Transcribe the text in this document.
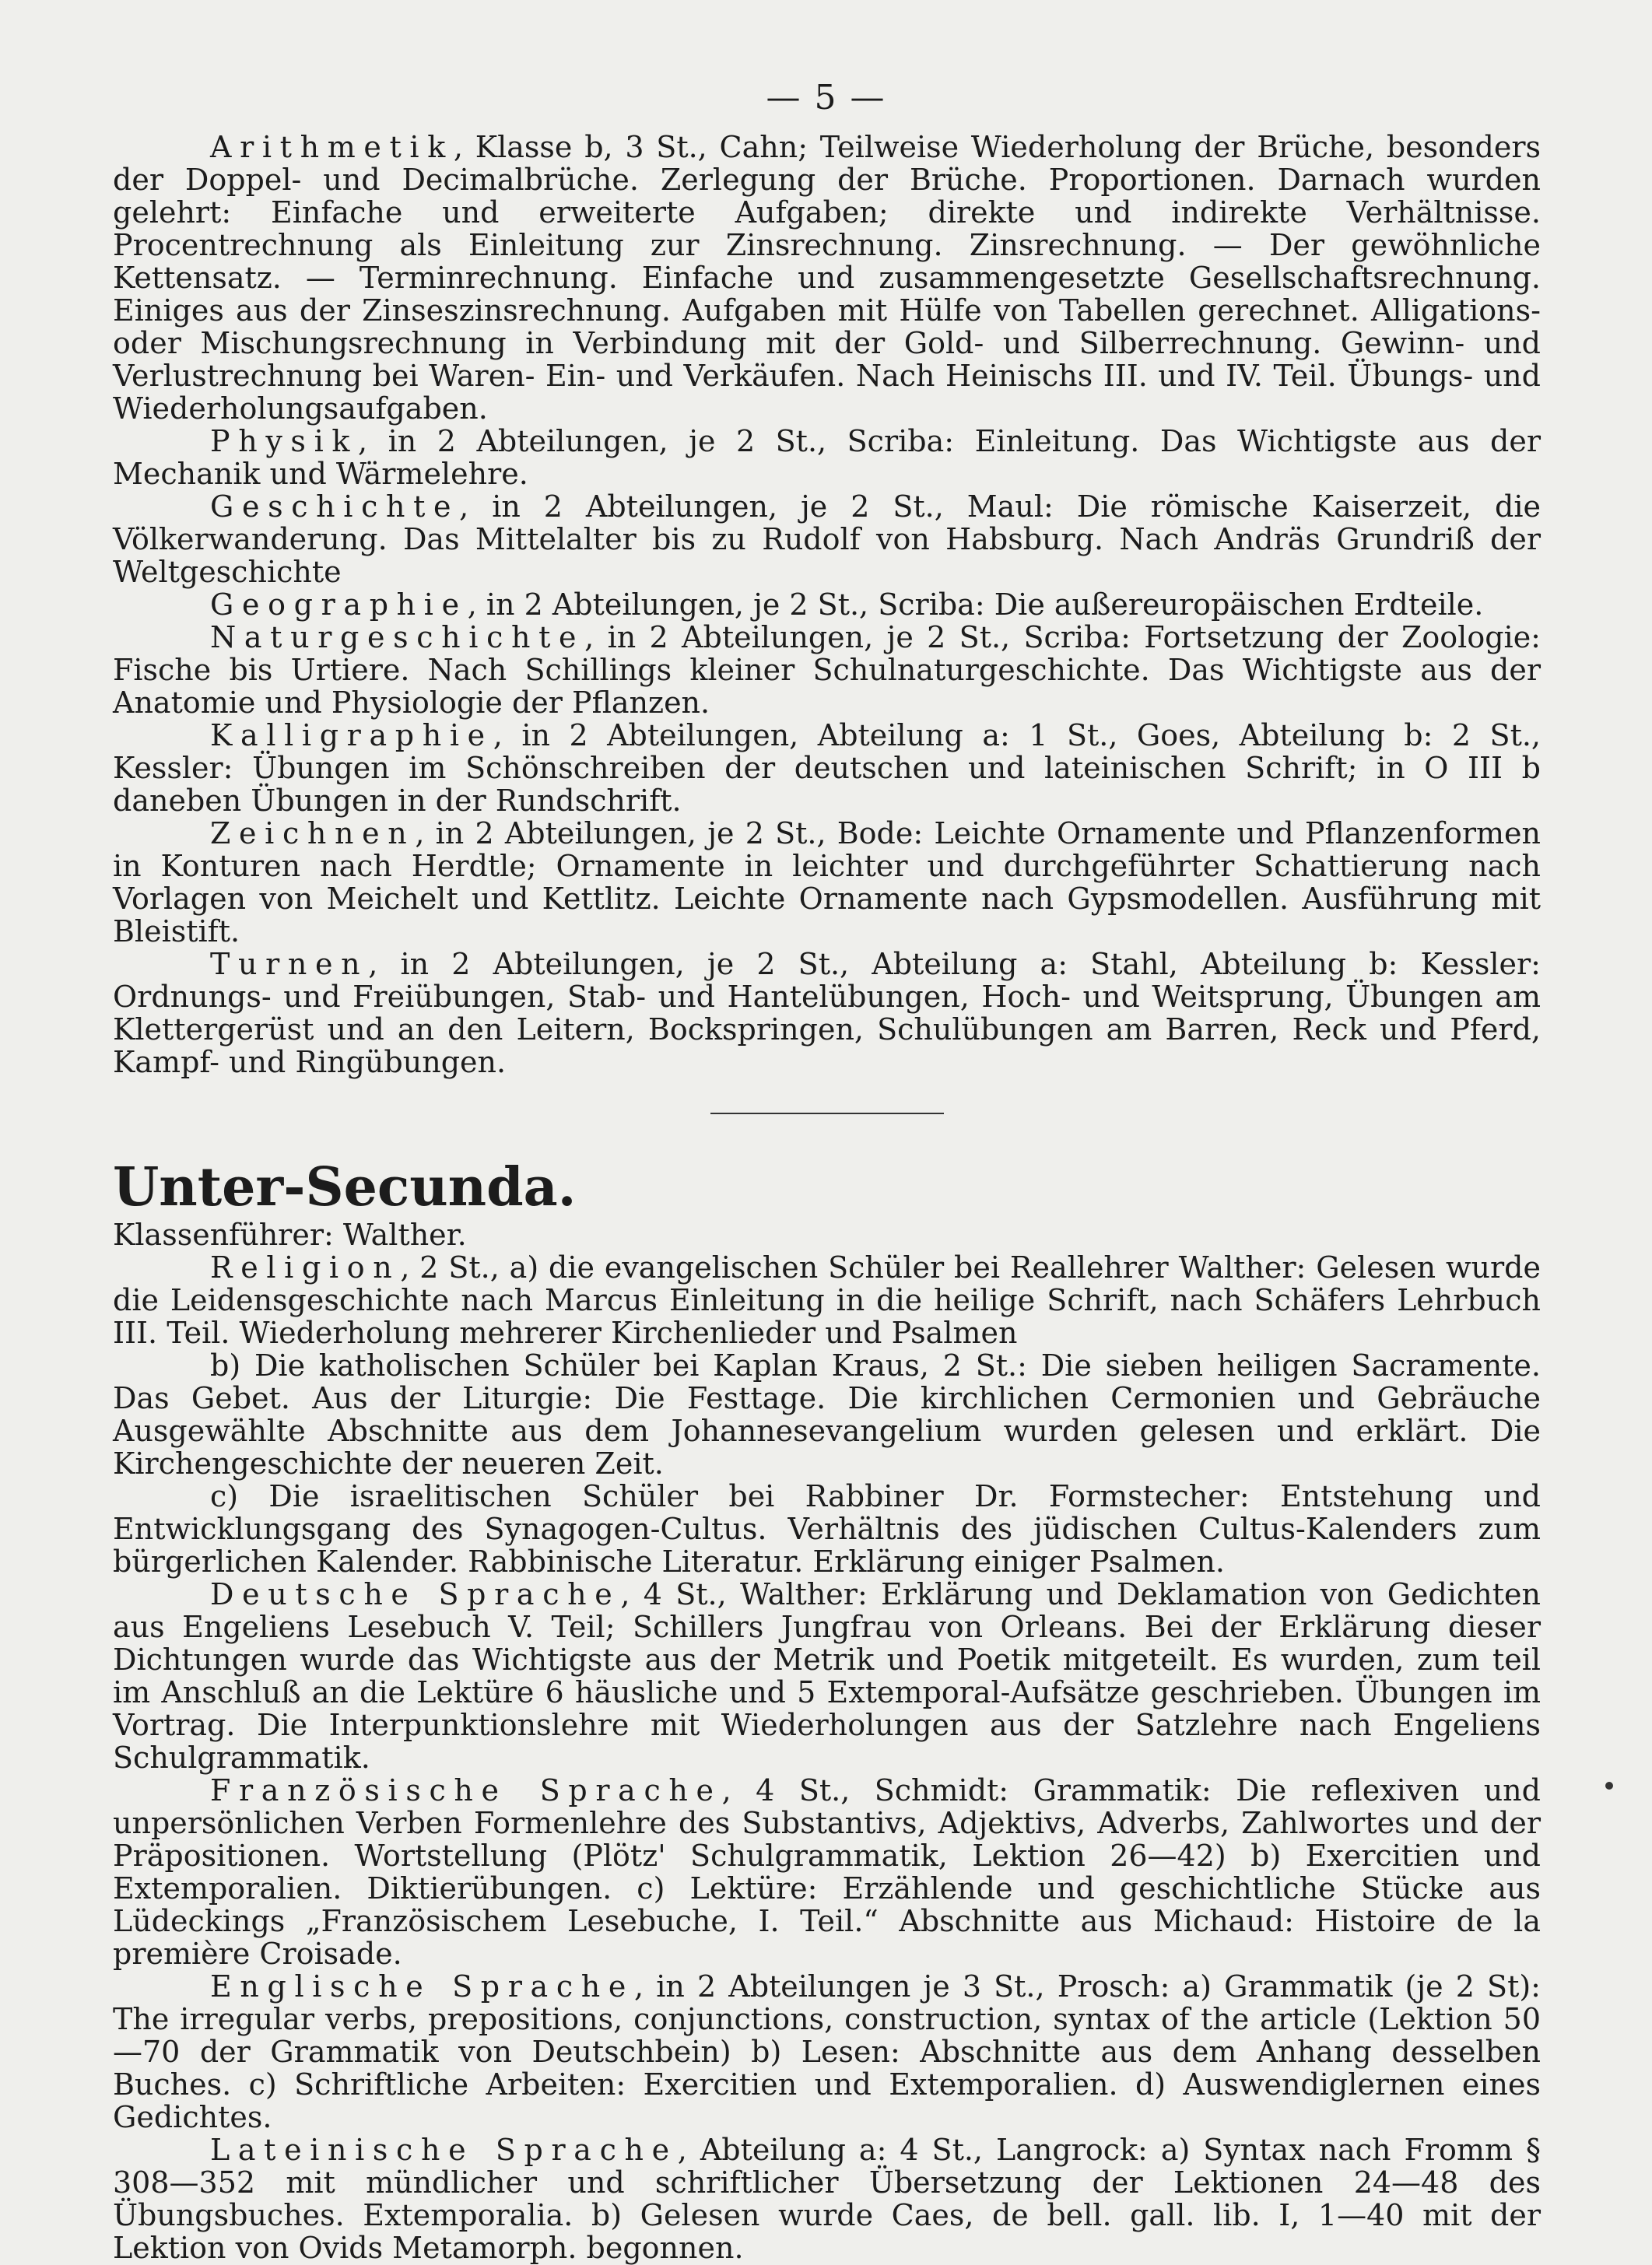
— 5 —

Arithmetik, Klasse b, 3 St., Cahn; Teilweise Wiederholung der Brüche, besonders der Doppel- und Decimalbrüche. Zerlegung der Brüche. Proportionen. Darnach wurden gelehrt: Einfache und erweiterte Aufgaben; direkte und indirekte Verhältnisse. Procentrechnung als Einleitung zur Zinsrechnung. Zinsrechnung. — Der gewöhnliche Kettensatz. — Terminrechnung. Einfache und zusammengesetzte Gesellschaftsrechnung. Einiges aus der Zinseszinsrechnung. Aufgaben mit Hülfe von Tabellen gerechnet. Alligations- oder Mischungsrechnung in Verbindung mit der Gold- und Silberrechnung. Gewinn- und Verlustrechnung bei Waren- Ein- und Verkäufen. Nach Heinischs III. und IV. Teil. Übungs- und Wiederholungsaufgaben.

Physik, in 2 Abteilungen, je 2 St., Scriba: Einleitung. Das Wichtigste aus der Mechanik und Wärmelehre.

Geschichte, in 2 Abteilungen, je 2 St., Maul: Die römische Kaiserzeit, die Völkerwanderung. Das Mittelalter bis zu Rudolf von Habsburg. Nach Andräs Grundriß der Weltgeschichte

Geographie, in 2 Abteilungen, je 2 St., Scriba: Die außereuropäischen Erdteile.

Naturgeschichte, in 2 Abteilungen, je 2 St., Scriba: Fortsetzung der Zoologie: Fische bis Urtiere. Nach Schillings kleiner Schulnaturgeschichte. Das Wichtigste aus der Anatomie und Physiologie der Pflanzen.

Kalligraphie, in 2 Abteilungen, Abteilung a: 1 St., Goes, Abteilung b: 2 St., Kessler: Übungen im Schönschreiben der deutschen und lateinischen Schrift; in O III b daneben Übungen in der Rundschrift.

Zeichnen, in 2 Abteilungen, je 2 St., Bode: Leichte Ornamente und Pflanzenformen in Konturen nach Herdtle; Ornamente in leichter und durchgeführter Schattierung nach Vorlagen von Meichelt und Kettlitz. Leichte Ornamente nach Gypsmodellen. Ausführung mit Bleistift.

Turnen, in 2 Abteilungen, je 2 St., Abteilung a: Stahl, Abteilung b: Kessler: Ordnungs- und Freiübungen, Stab- und Hantelübungen, Hoch- und Weitsprung, Übungen am Klettergerüst und an den Leitern, Bockspringen, Schulübungen am Barren, Reck und Pferd, Kampf- und Ringübungen.

Unter-Secunda.

Klassenführer: Walther.

Religion, 2 St., a) die evangelischen Schüler bei Reallehrer Walther: Gelesen wurde die Leidensgeschichte nach Marcus Einleitung in die heilige Schrift, nach Schäfers Lehrbuch III. Teil. Wiederholung mehrerer Kirchenlieder und Psalmen

b) Die katholischen Schüler bei Kaplan Kraus, 2 St.: Die sieben heiligen Sacramente. Das Gebet. Aus der Liturgie: Die Festtage. Die kirchlichen Cermonien und Gebräuche Ausgewählte Abschnitte aus dem Johannesevangelium wurden gelesen und erklärt. Die Kirchengeschichte der neueren Zeit.

c) Die israelitischen Schüler bei Rabbiner Dr. Formstecher: Entstehung und Entwicklungsgang des Synagogen-Cultus. Verhältnis des jüdischen Cultus-Kalenders zum bürgerlichen Kalender. Rabbinische Literatur. Erklärung einiger Psalmen.

Deutsche Sprache, 4 St., Walther: Erklärung und Deklamation von Gedichten aus Engeliens Lesebuch V. Teil; Schillers Jungfrau von Orleans. Bei der Erklärung dieser Dichtungen wurde das Wichtigste aus der Metrik und Poetik mitgeteilt. Es wurden, zum teil im Anschluß an die Lektüre 6 häusliche und 5 Extemporal-Aufsätze geschrieben. Übungen im Vortrag. Die Interpunktionslehre mit Wiederholungen aus der Satzlehre nach Engeliens Schulgrammatik.

Französische Sprache, 4 St., Schmidt: Grammatik: Die reflexiven und unpersönlichen Verben Formenlehre des Substantivs, Adjektivs, Adverbs, Zahlwortes und der Präpositionen. Wortstellung (Plötz' Schulgrammatik, Lektion 26—42) b) Exercitien und Extemporalien. Diktierübungen. c) Lektüre: Erzählende und geschichtliche Stücke aus Lüdeckings „Französischem Lesebuche, I. Teil.“ Abschnitte aus Michaud: Histoire de la première Croisade.

Englische Sprache, in 2 Abteilungen je 3 St., Prosch: a) Grammatik (je 2 St): The irregular verbs, prepositions, conjunctions, construction, syntax of the article (Lektion 50—70 der Grammatik von Deutschbein) b) Lesen: Abschnitte aus dem Anhang desselben Buches. c) Schriftliche Arbeiten: Exercitien und Extemporalien. d) Auswendiglernen eines Gedichtes.

Lateinische Sprache, Abteilung a: 4 St., Langrock: a) Syntax nach Fromm § 308—352 mit mündlicher und schriftlicher Übersetzung der Lektionen 24—48 des Übungsbuches. Extemporalia. b) Gelesen wurde Caes, de bell. gall. lib. I, 1—40 mit der Lektion von Ovids Metamorph. begonnen.
